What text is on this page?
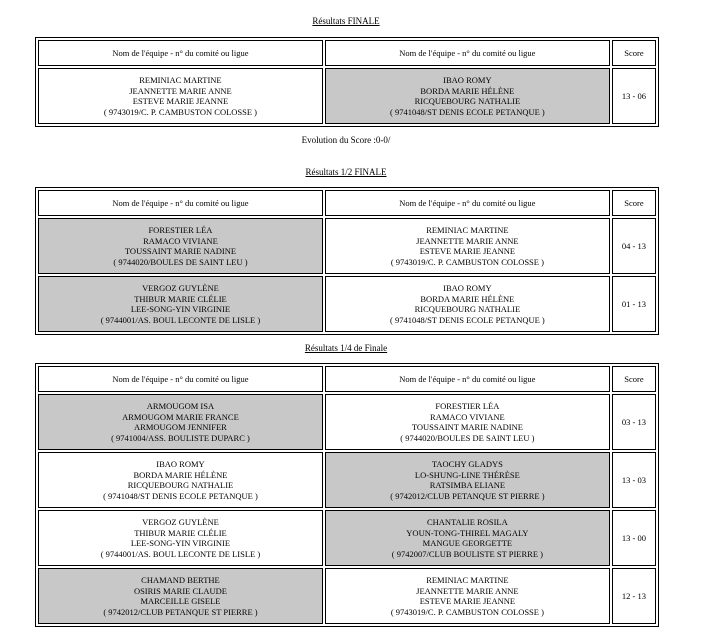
Résultats FINALE
Nom de l'équipe - n° du comité ou ligue	Nom de l'équipe - n° du comité ou ligue	Score

REMINIAC MARTINE
JEANNETTE MARIE ANNE
ESTEVE MARIE JEANNE
( 9743019/C. P. CAMBUSTON COLOSSE )	IBAO ROMY
BORDA MARIE HÉLÈNE
RICQUEBOURG NATHALIE
( 9741048/ST DENIS ECOLE PETANQUE )	13 - 06
Evolution du Score :0-0/
Résultats 1/2 FINALE
Nom de l'équipe - n° du comité ou ligue	Nom de l'équipe - n° du comité ou ligue	Score

FORESTIER LÉA
RAMACO VIVIANE
TOUSSAINT MARIE NADINE
( 9744020/BOULES DE SAINT LEU )	REMINIAC MARTINE
JEANNETTE MARIE ANNE
ESTEVE MARIE JEANNE
( 9743019/C. P. CAMBUSTON COLOSSE )	04 - 13

VERGOZ GUYLÈNE
THIBUR MARIE CLÉLIE
LEE-SONG-YIN VIRGINIE
( 9744001/AS. BOUL LECONTE DE LISLE )	IBAO ROMY
BORDA MARIE HÉLÈNE
RICQUEBOURG NATHALIE
( 9741048/ST DENIS ECOLE PETANQUE )	01 - 13
Résultats 1/4 de Finale
Nom de l'équipe - n° du comité ou ligue	Nom de l'équipe - n° du comité ou ligue	Score

ARMOUGOM ISA
ARMOUGOM MARIE FRANCE
ARMOUGOM JENNIFER
( 9741004/ASS. BOULISTE DUPARC )	FORESTIER LÉA
RAMACO VIVIANE
TOUSSAINT MARIE NADINE
( 9744020/BOULES DE SAINT LEU )	03 - 13

IBAO ROMY
BORDA MARIE HÉLÈNE
RICQUEBOURG NATHALIE
( 9741048/ST DENIS ECOLE PETANQUE )	TAOCHY GLADYS
LO-SHUNG-LINE THÉRÈSE
RATSIMBA ELIANE
( 9742012/CLUB PETANQUE ST PIERRE )	13 - 03

VERGOZ GUYLÈNE
THIBUR MARIE CLÉLIE
LEE-SONG-YIN VIRGINIE
( 9744001/AS. BOUL LECONTE DE LISLE )	CHANTALIE ROSILA
YOUN-TONG-THIREL MAGALY
MANGUE GEORGETTE
( 9742007/CLUB BOULISTE ST PIERRE )	13 - 00

CHAMAND BERTHE
OSIRIS MARIE CLAUDE
MARCEILLE GISELE
( 9742012/CLUB PETANQUE ST PIERRE )	REMINIAC MARTINE
JEANNETTE MARIE ANNE
ESTEVE MARIE JEANNE
( 9743019/C. P. CAMBUSTON COLOSSE )	12 - 13
